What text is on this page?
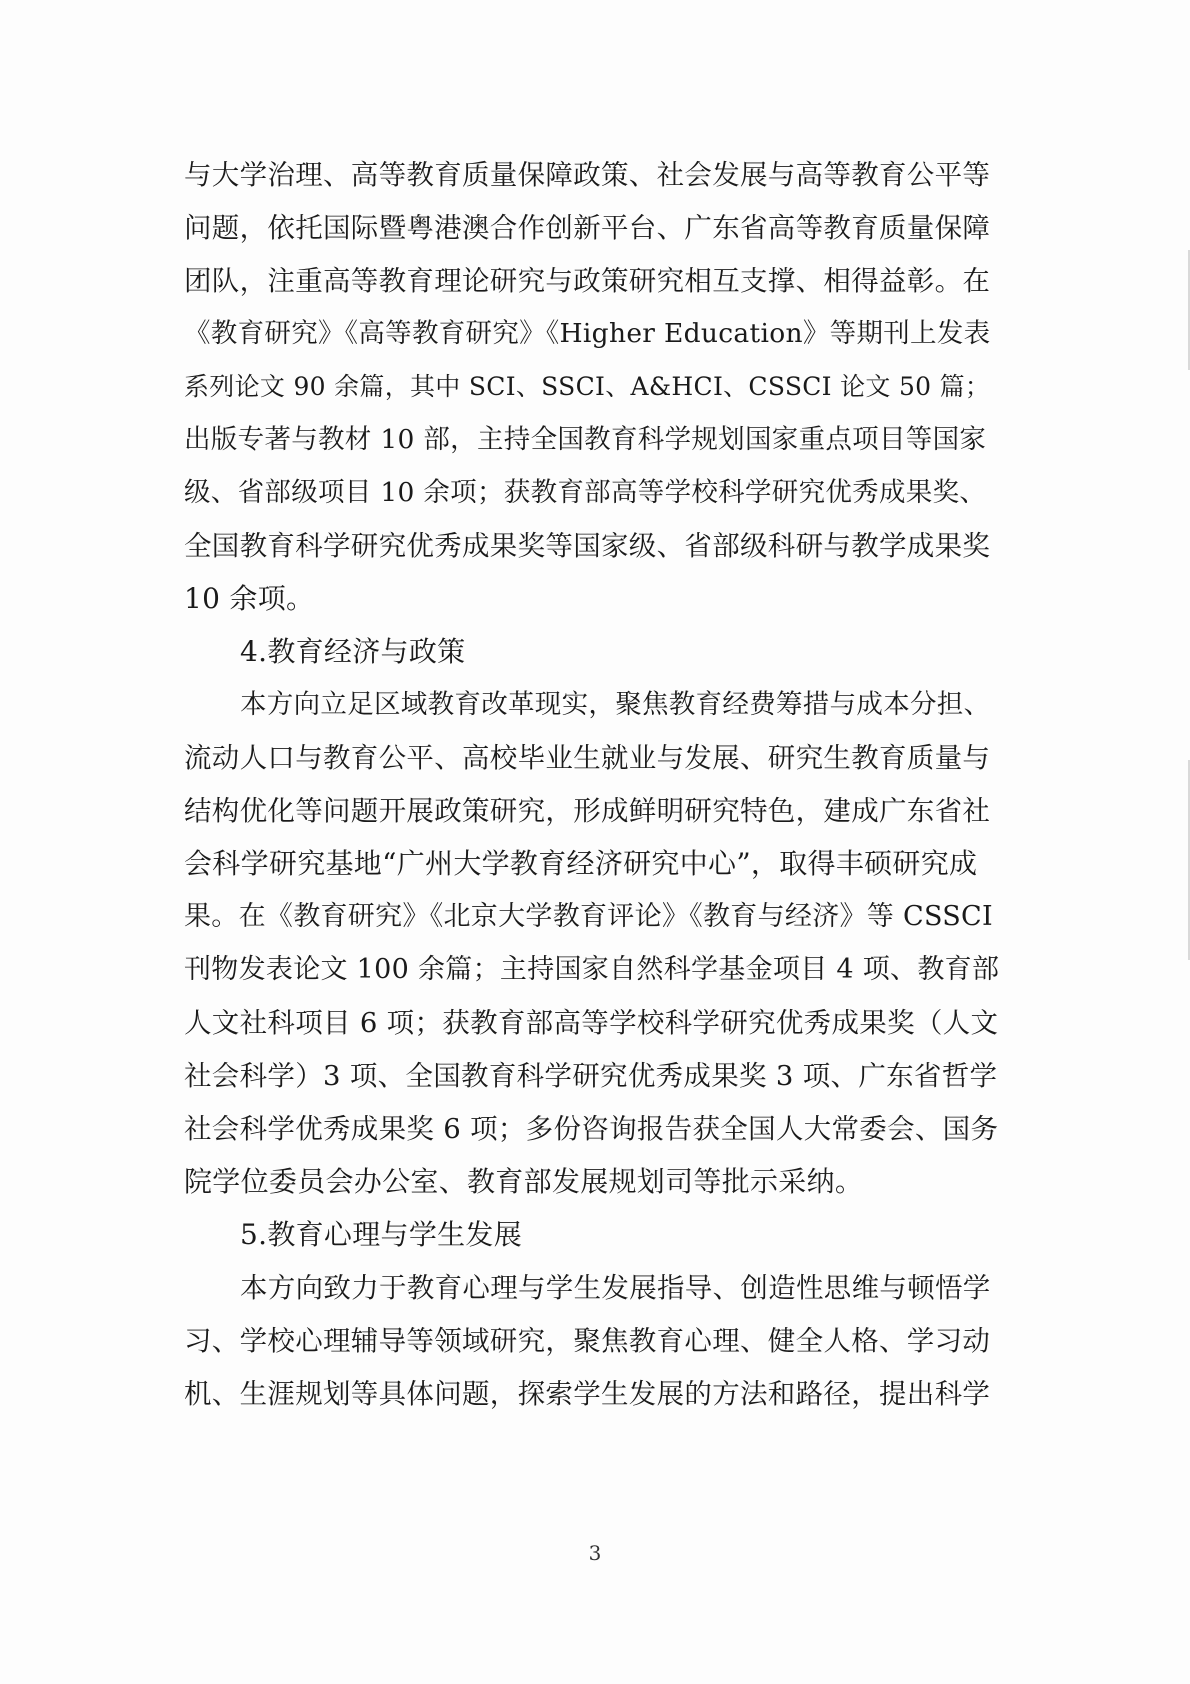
与大学治理、高等教育质量保障政策、社会发展与高等教育公平等
问题，依托国际暨粤港澳合作创新平台、广东省高等教育质量保障
团队，注重高等教育理论研究与政策研究相互支撑、相得益彰。在
《教育研究》《高等教育研究》《Higher Education》等期刊上发表
系列论文 90 余篇，其中 SCI、SSCI、A&HCI、CSSCI 论文 50 篇；
出版专著与教材 10 部，主持全国教育科学规划国家重点项目等国家
级、省部级项目 10 余项；获教育部高等学校科学研究优秀成果奖、
全国教育科学研究优秀成果奖等国家级、省部级科研与教学成果奖
10 余项。
4.教育经济与政策
本方向立足区域教育改革现实，聚焦教育经费筹措与成本分担、
流动人口与教育公平、高校毕业生就业与发展、研究生教育质量与
结构优化等问题开展政策研究，形成鲜明研究特色，建成广东省社
会科学研究基地“广州大学教育经济研究中心”，取得丰硕研究成
果。在《教育研究》《北京大学教育评论》《教育与经济》等 CSSCI
刊物发表论文 100 余篇；主持国家自然科学基金项目 4 项、教育部
人文社科项目 6 项；获教育部高等学校科学研究优秀成果奖（人文
社会科学）3 项、全国教育科学研究优秀成果奖 3 项、广东省哲学
社会科学优秀成果奖 6 项；多份咨询报告获全国人大常委会、国务
院学位委员会办公室、教育部发展规划司等批示采纳。
5.教育心理与学生发展
本方向致力于教育心理与学生发展指导、创造性思维与顿悟学
习、学校心理辅导等领域研究，聚焦教育心理、健全人格、学习动
机、生涯规划等具体问题，探索学生发展的方法和路径，提出科学
3
